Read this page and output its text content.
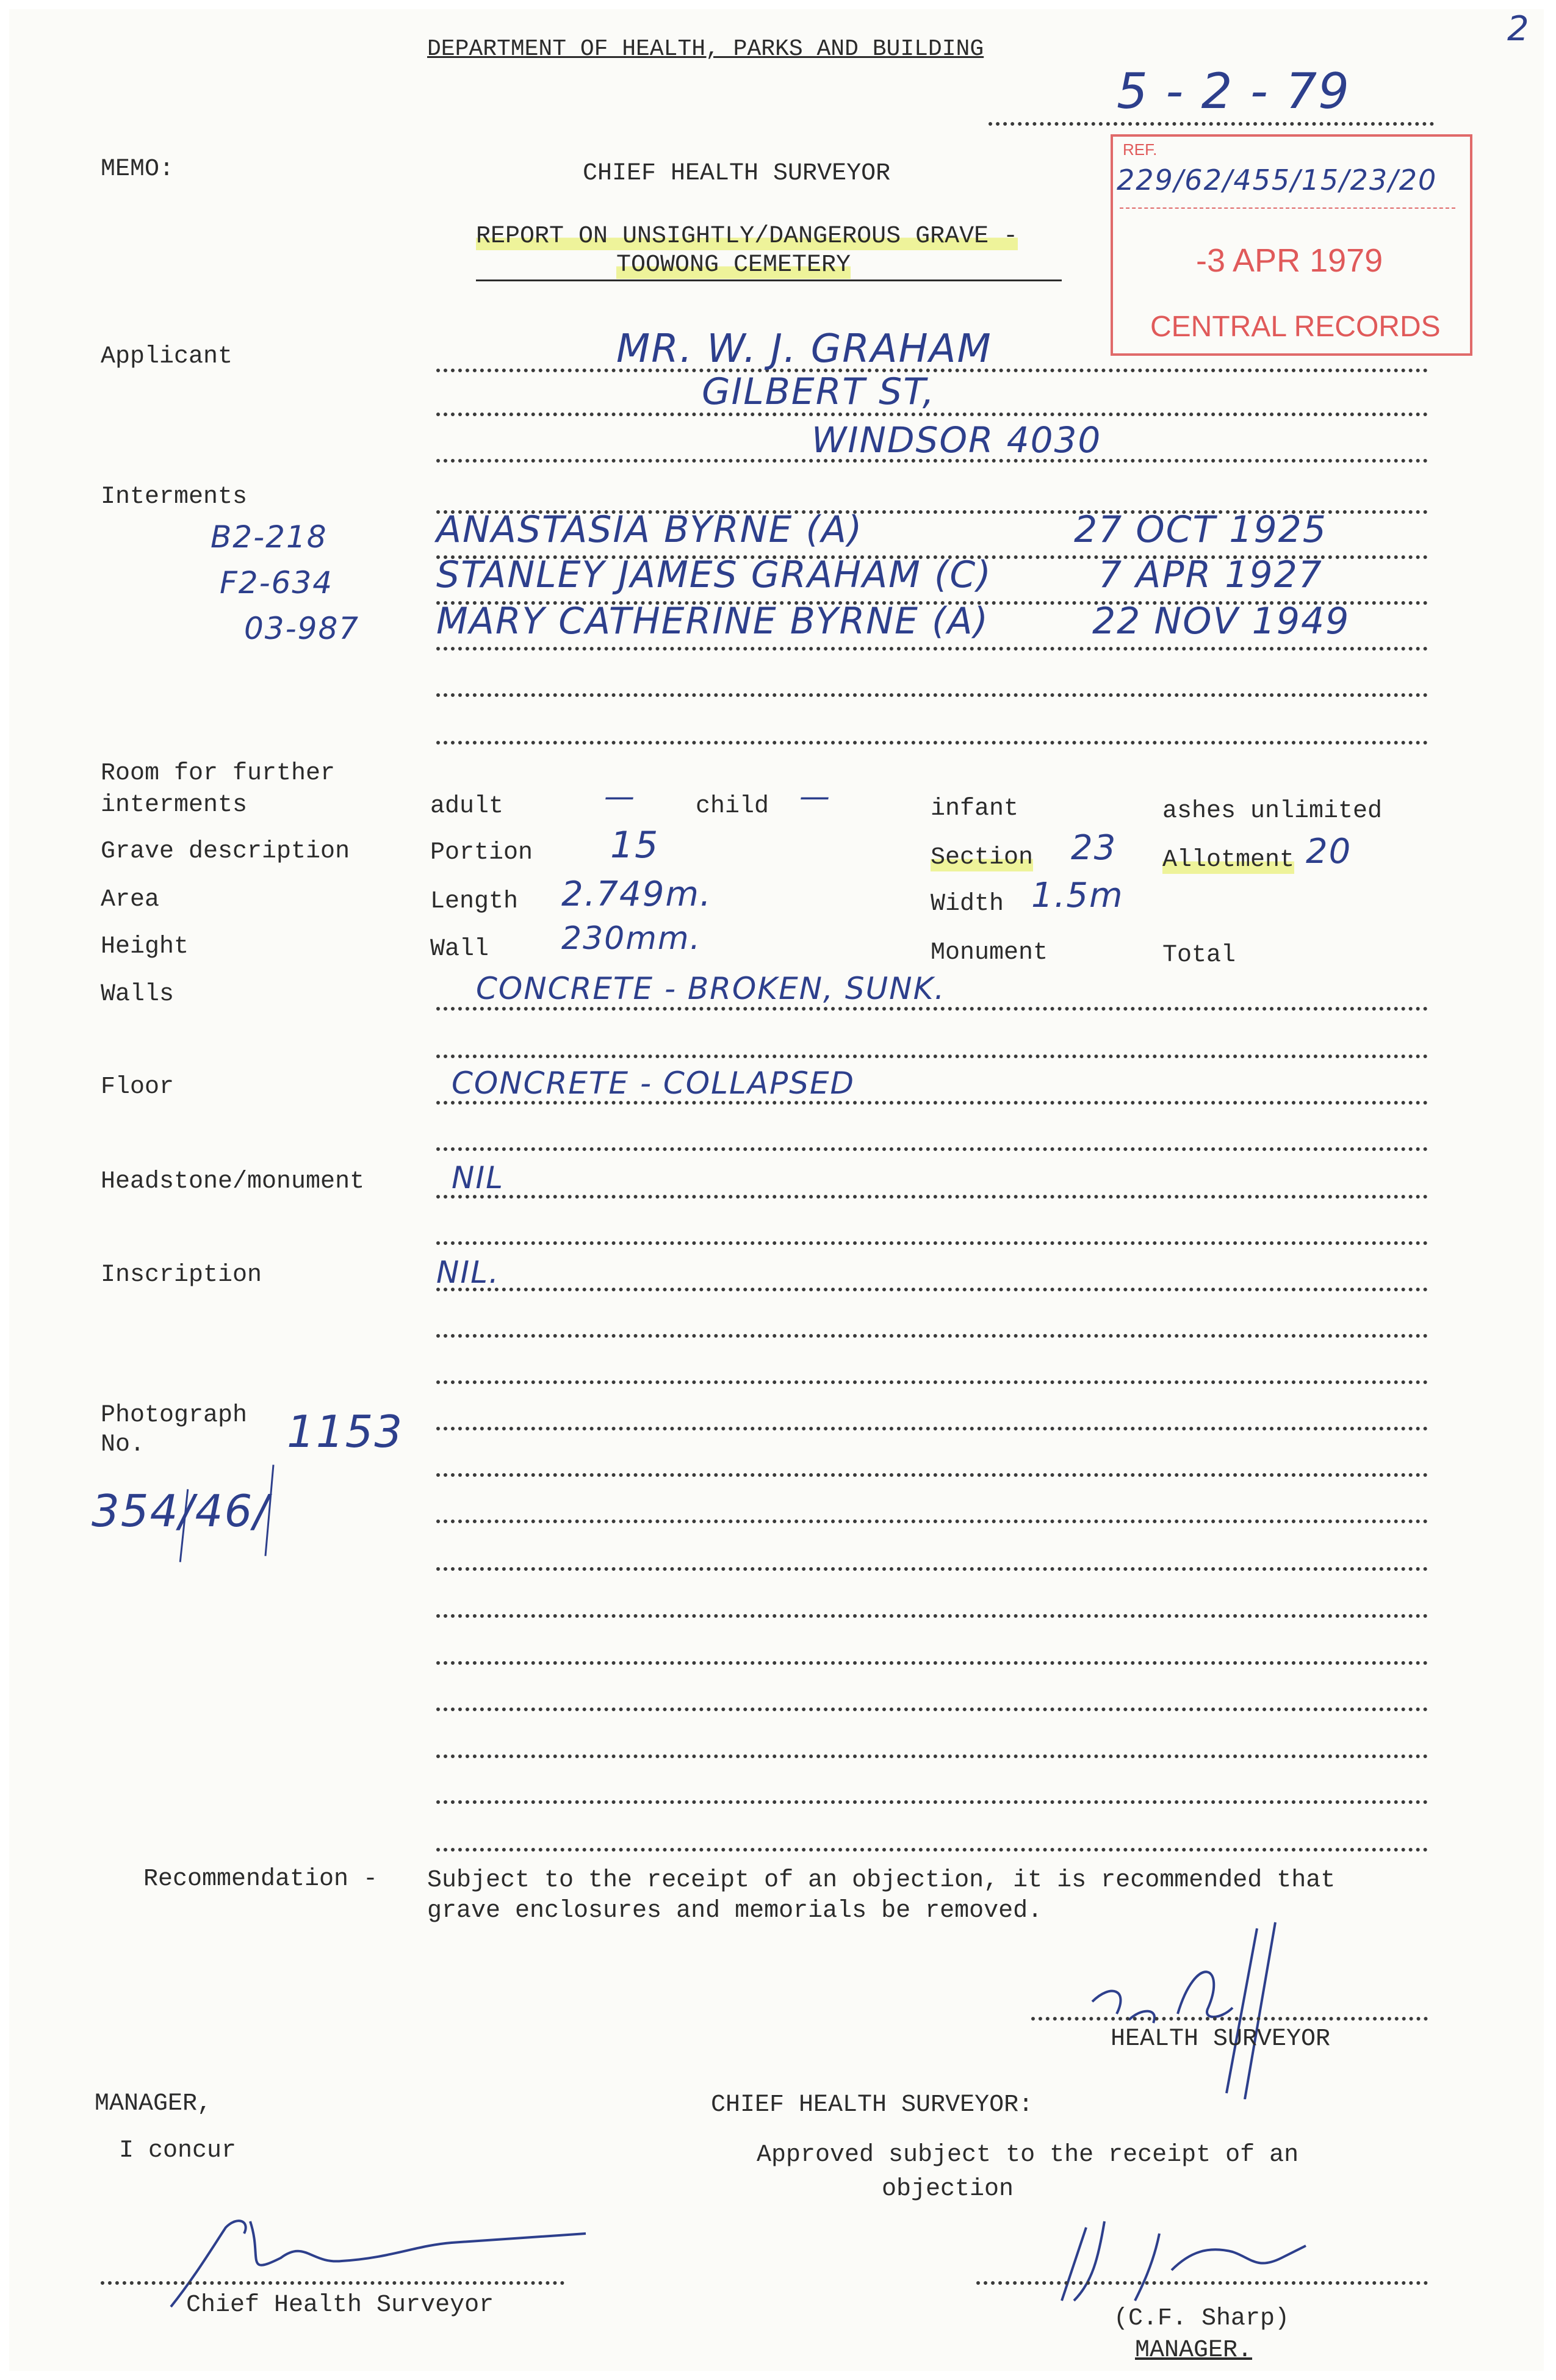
2
DEPARTMENT OF HEALTH, PARKS AND BUILDING
5 - 2 - 79
MEMO:	CHIEF HEALTH SURVEYOR
REPORT ON UNSIGHTLY/DANGEROUS GRAVE -
TOOWONG CEMETERY
REF.
229/62/455/15/23/20
-3 APR 1979
CENTRAL RECORDS
Applicant	MR. W. J. GRAHAM
GILBERT ST,
WINDSOR 4030
Interments
B2-218	ANASTASIA BYRNE (A)	27 OCT 1925
F2-634	STANLEY JAMES GRAHAM (C)	7 APR 1927
03-987 MARY CATHERINE BYRNE (A)	22 NOV 1949
Room for further
interments	adult	— child —	infant	ashes unlimited
Grave description	Portion 15	Section 23 Allotment 20
Area	Length 2.749m.	Width 1.5m
Height	Wall 230mm.	Monument	Total
Walls	CONCRETE - BROKEN, SUNK.
Floor	CONCRETE - COLLAPSED
Headstone/monument	NIL
Inscription	NIL.
Photograph
No.	1153
354/46/
Recommendation - Subject to the receipt of an objection, it is recommended that
grave enclosures and memorials be removed.
HEALTH SURVEYOR
MANAGER,
I concur
Chief Health Surveyor
CHIEF HEALTH SURVEYOR:
Approved subject to the receipt of an
objection
(C.F. Sharp)
MANAGER.
